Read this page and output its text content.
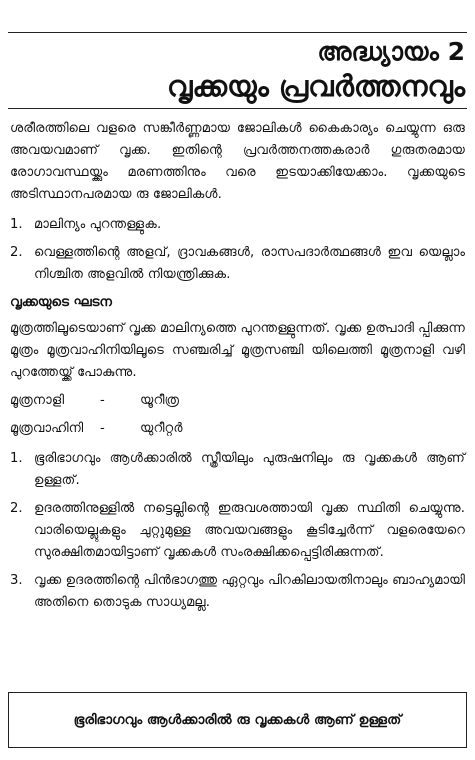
അദ്ധ്യായം 2
വൃക്കയും പ്രവർത്തനവും

ശരീരത്തിലെ വളരെ സങ്കീർണ്ണമായ ജോലികൾ കൈകാര്യം ചെയ്യുന്ന ഒരു അവയവമാണ് വൃക്ക. ഇതിന്റെ പ്രവർത്തനത്തകരാർ ഗുരുതരമായ രോഗാവസ്ഥയ്ക്കും മരണത്തിനും വരെ ഇടയാക്കിയേക്കാം. വൃക്കയുടെ അടിസ്ഥാനപരമായ രു ജോലികൾ.

1. മാലിന്യം പുറന്തള്ളുക.
2. വെള്ളത്തിന്റെ അളവ്, ദ്രാവകങ്ങൾ, രാസപദാർത്ഥങ്ങൾ ഇവ യെല്ലാം നിശ്ചിത അളവിൽ നിയന്ത്രിക്കുക.
വൃക്കയുടെ ഘടന

മൂത്രത്തിലൂടെയാണ് വൃക്ക മാലിന്യത്തെ പുറന്തള്ളുന്നത്. വൃക്ക ഉത്പാദി പ്പിക്കുന്ന മൂത്രം മൂത്രവാഹിനിയിലൂടെ സഞ്ചരിച്ച് മൂത്രസഞ്ചി യിലെത്തി മൂത്രനാളി വഴി പുറത്തേയ്ക്ക് പോകുന്നു.

മൂത്രനാളി	-	യൂറീത്ര
മൂത്രവാഹിനി	-	യുറീറ്റർ
1. ഭൂരിഭാഗവും ആൾക്കാരിൽ സ്ത്രീയിലും പുരുഷനിലും രു വൃക്കകൾ ആണ് ഉള്ളത്.
2. ഉദരത്തിനുള്ളിൽ നട്ടെല്ലിന്റെ ഇരുവശത്തായി വൃക്ക സ്ഥിതി ചെയ്യുന്നു. വാരിയെല്ലുകളും ചുറ്റുമുള്ള അവയവങ്ങളും കൂടിച്ചേർന്ന് വളരെയേറെ സുരക്ഷിതമായിട്ടാണ് വൃക്കകൾ സംരക്ഷിക്കപ്പെട്ടിരിക്കുന്നത്.
3. വൃക്ക ഉദരത്തിന്റെ പിൻഭാഗത്തു ഏറ്റവും പിറകിലായതിനാലും ബാഹ്യമായി അതിനെ തൊടുക സാധ്യമല്ല.
ഭൂരിഭാഗവും ആൾക്കാരിൽ രു വൃക്കകൾ ആണ് ഉള്ളത്
